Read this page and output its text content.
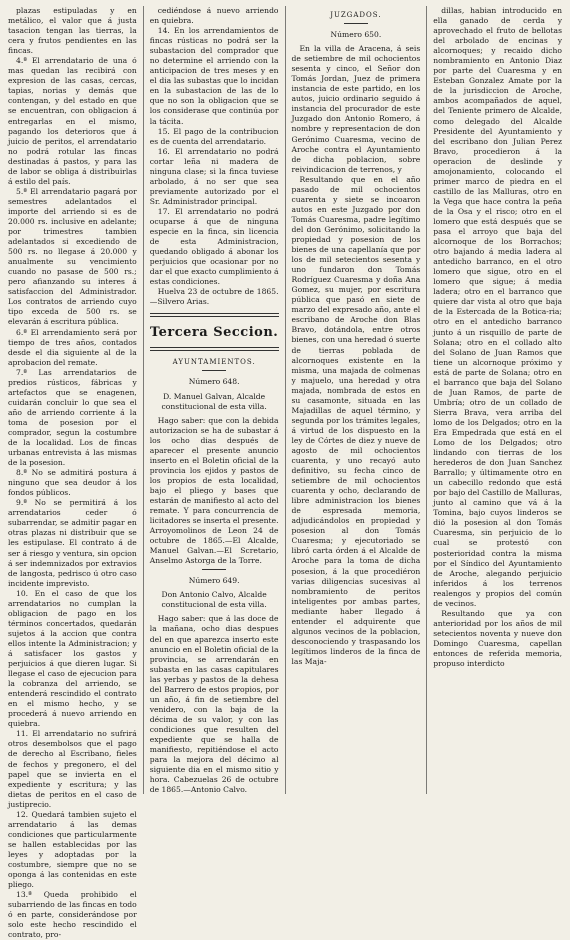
plazas estipuladas y en metálico, el valor que á justa tasacion tengan las tierras, la cera y frutos pendientes en las fincas.

4.ª El arrendatario de una ó mas quedan las recibirá con expresion de las casas, cercas, tapias, norias y demás que contengan, y del estado en que se encuentran, con obligacion á entregarlas en el mismo, pagando los deterioros que á juicio de peritos, el arrendatario no podrá rotular las fincas destinadas á pastos, y para las de labor se obliga á distribuirlas á estilo del país.

5.ª El arrendatario pagará por semestres adelantados el importe del arriendo si es de 20.000 rs. inclusive en adelante; por trimestres tambien adelantados si excediendo de 500 rs. no llegase á 20.000 y anualmente su vencimiento cuando no pasase de 500 rs.; pero afianzando su interes á satisfaccion del Administrador. Los contratos de arriendo cuyo tipo exceda de 500 rs. se elevarán á escritura pública.

6.ª El arrendamiento será por tiempo de tres años, contados desde el dia siguiente al de la aprobacion del remate.

7.ª Las arrendatarios de predios rústicos, fábricas y artefactos que se enagenen, cuidarán concluir lo que sea el año de arriendo corriente á la toma de posesion por el comprador, segun la costumbre de la localidad. Los de fincas urbanas entrevista á las mismas de la posesion.

8.ª No se admitirá postura á ninguno que sea deudor á los fondos públicos.

9.ª No se permitirá á los arrendatarios ceder ó subarrendar, se admitir pagar en otras plazas ni distribuir que se les estipulase. El contrato á de ser á riesgo y ventura, sin opcion á ser indemnizados por extravios de langosta, pedrisco ú otro caso incidente imprevisto.

10. En el caso de que los arrendatarios no cumplan la obligacion de pago en los términos concertados, quedarán sujetos á la accion que contra ellos intente la Administracion; y á satisfacer los gastos y perjuicios á que dieren lugar. Si llegase el caso de ejecucion para la cobranza del arriendo, se entenderá rescindido el contrato en el mismo hecho, y se procederá á nuevo arriendo en quiebra.

11. El arrendatario no sufrirá otros desembolsos que el pago de derecho al Escribano, fieles de fechos y pregonero, el del papel que se invierta en el expediente y escritura; y las dietas de peritos en el caso de justiprecio.

12. Quedará tambien sujeto el arrendatario á las demas condiciones que particularmente se hallen establecidas por las leyes y adoptadas por la costumbre, siempre que no se oponga á las contenidas en este pliego.

13.ª Queda prohibido el subarriendo de las fincas en todo ó en parte, considerándose por solo este hecho rescindido el contrato, pro-

cediéndose á nuevo arriendo en quiebra.

14. En los arrendamientos de fincas rústicas no podrá ser la subastacion del comprador que no determine el arriendo con la anticipacion de tres meses y en el dia las subastas que lo incidan en la subastacion de las de lo que no son la obligacion que se los considerase que continúa por la tácita.

15. El pago de la contribucion es de cuenta del arrendatario.

16. El arrendatario no podrá cortar leña ni madera de ninguna clase; si la finca tuviese arbolado, á no ser que sea previamente autorizado por el Sr. Administrador principal.

17. El arrendatario no podrá ocuparse á que de ninguna especie en la finca, sin licencia de esta Administracion, quedando obligado á abonar los perjuicios que ocasionar por no dar el que exacto cumplimiento á estas condiciones.

Huelva 23 de octubre de 1865. —Silvero Arias.

Tercera Seccion.
AYUNTAMIENTOS.
Número 648.

D. Manuel Galvan, Alcalde constitucional de esta villa.

Hago saber: que con la debida autorizacion se ha de subastar á los ocho dias después de aparecer el presente anuncio inserto en el Boletin oficial de la provincia los ejidos y pastos de los propios de esta localidad, bajo el pliego y bases que estarán de manifiesto al acto del remate. Y para concurrencia de licitadores se inserta el presente. Arroyomolinos de Leon 24 de octubre de 1865.—El Alcalde, Manuel Galvan.—El Scretario, Anselmo Astorga de la Torre.

Número 649.

Don Antonio Calvo, Alcalde constitucional de esta villa.

Hago saber: que á las doce de la mañana, ocho dias despues del en que aparezca inserto este anuncio en el Boletin oficial de la provincia, se arrendarán en subasta en las casas capitulares las yerbas y pastos de la dehesa del Barrero de estos propios, por un año, á fin de setiembre del venidero, con la baja de la décima de su valor, y con las condiciones que resulten del expediente que se halla de manifiesto, repitiéndose el acto para la mejora del décimo al siguiente dia en el mismo sitio y hora. Cabezuelas 26 de octubre de 1865.—Antonio Calvo.

JUZGADOS.
Número 650.

En la villa de Aracena, á seis de setiembre de mil ochocientos sesenta y cinco, el Señor don Tomás Jordan, Juez de primera instancia de este partido, en los autos, juicio ordinario seguido á instancia del procurador de este Juzgado don Antonio Romero, á nombre y representacion de don Gerónimo Cuaresma, vecino de Aroche contra el Ayuntamiento de dicha poblacion, sobre reivindicacion de terrenos, y

Resultando que en el año pasado de mil ochocientos cuarenta y siete se incoaron autos en este Juzgado por don Tomás Cuaresma, padre legítimo del don Gerónimo, solicitando la propiedad y posesion de los bienes de una capellanía que por los de mil setecientos sesenta y uno fundaron don Tomás Rodríguez Cuaresma y doña Ana Gomez, su mujer, por escritura pública que pasó en siete de marzo del expresado año, ante el escribano de Aroche don Blas Bravo, dotándola, entre otros bienes, con una heredad ó suerte de tierras poblada de alcornoques existente en la misma, una majada de colmenas y majuelo, una heredad y otra majada, nombrada de estos en su casamonte, situada en las Majadillas de aquel término, y segunda por los trámites legales, á virtud de los dispuesto en la ley de Córtes de diez y nueve de agosto de mil ochocientos cuarenta, y uno recayó auto definitivo, su fecha cinco de setiembre de mil ochocientos cuarenta y ocho, declarando de libre administracion los bienes de espresada memoria, adjudicándolos en propiedad y posesion al don Tomás Cuaresma; y ejecutoriado se libró carta órden á el Alcalde de Aroche para la toma de dicha posesion, á la que procediéron varias diligencias sucesivas al nombramiento de peritos inteligentes por ambas partes, mediante haber llegado á entender el adquirente que algunos vecinos de la poblacion, desconociendo y traspasando los legítimos linderos de la finca de las Maja-

dillas, habian introducido en ella ganado de cerda y aprovechado el fruto de bellotas del arbolado de encinas y alcornoques; y recaido dicho nombramiento en Antonio Diaz por parte del Cuaresma y en Esteban Gonzalez Amate por la de la jurisdiccion de Aroche, ambos acompañados de aquel, del Teniente primero de Alcalde, como delegado del Alcalde Presidente del Ayuntamiento y del escribano don Julian Perez Bravo, procedieron á la operacion de deslinde y amojonamiento, colocando el primer marco de piedra en el castillo de las Malluras, otro en la Vega que hace contra la peña de la Osa y el risco; otro en el lomero que está después que se pasa el arroyo que baja del alcornoque de los Borrachos; otro bajando á media ladera al antedicho barranco, en el otro lomero que sigue, otro en el lomero que sigue; á media ladera; otro en el barranco que quiere dar vista al otro que baja de la Estercada de la Botica-ria; otro en el antedicho barranco junto á un risquillo de parte de Solana; otro en el collado alto del Solano de Juan Ramos que tiene un alcornoque próximo y está de parte de Solana; otro en el barranco que baja del Solano de Juan Ramos, de parte de Umbría; otro de un collado de Sierra Brava, vera arriba del lomo de los Delgados; otro en la Era Empedrada que está en el Lomo de los Delgados; otro lindando con tierras de los herederos de don Juan Sanchez Barrallo; y últimamente otro en un cabecillo redondo que está por bajo del Castillo de Malluras, junto al camino que vá á la Tomina, bajo cuyos linderos se dió la posesion al don Tomás Cuaresma, sin perjuicio de lo cual se protestó con posterioridad contra la misma por el Síndico del Ayuntamiento de Aroche, alegando perjuicio inferidos á los terrenos realengos y propios del común de vecinos.

Resultando que ya con anterioridad por los años de mil setecientos noventa y nueve don Domingo Cuaresma, capellan entonces de referida memoria, propuso interdicto
